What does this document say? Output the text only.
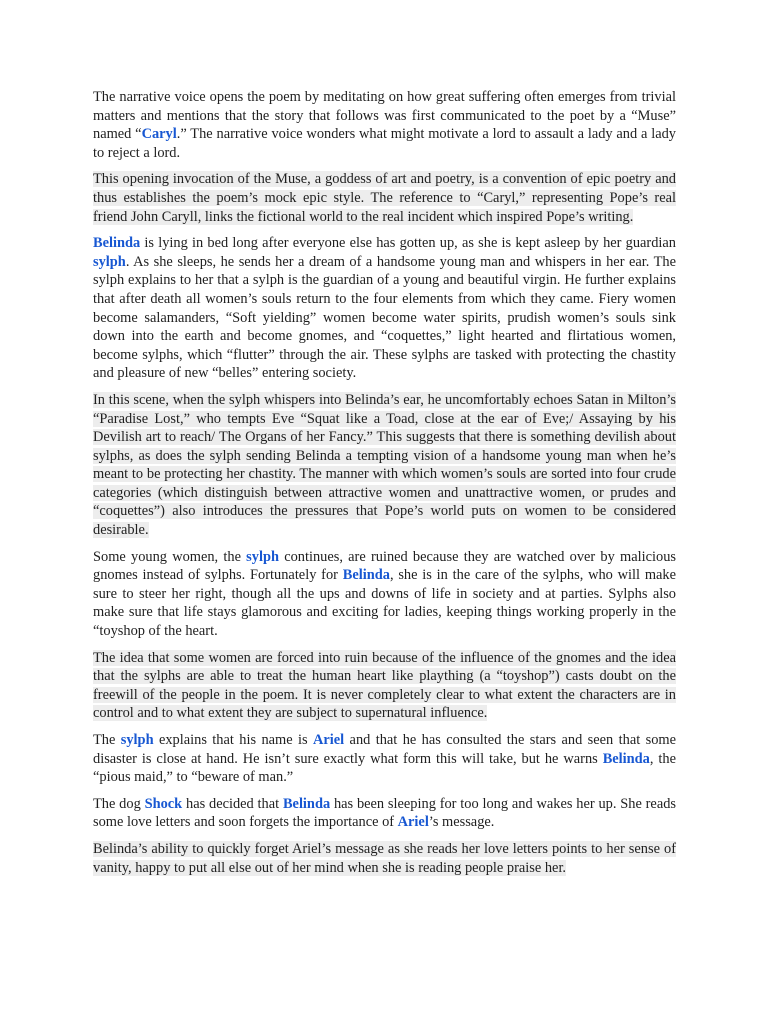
The narrative voice opens the poem by meditating on how great suffering often emerges from trivial matters and mentions that the story that follows was first communicated to the poet by a “Muse” named “Caryl.” The narrative voice wonders what might motivate a lord to assault a lady and a lady to reject a lord.

This opening invocation of the Muse, a goddess of art and poetry, is a convention of epic poetry and thus establishes the poem’s mock epic style. The reference to “Caryl,” representing Pope’s real friend John Caryll, links the fictional world to the real incident which inspired Pope’s writing.

Belinda is lying in bed long after everyone else has gotten up, as she is kept asleep by her guardian sylph. As she sleeps, he sends her a dream of a handsome young man and whispers in her ear. The sylph explains to her that a sylph is the guardian of a young and beautiful virgin. He further explains that after death all women’s souls return to the four elements from which they came. Fiery women become salamanders, “Soft yielding” women become water spirits, prudish women’s souls sink down into the earth and become gnomes, and “coquettes,” light hearted and flirtatious women, become sylphs, which “flutter” through the air. These sylphs are tasked with protecting the chastity and pleasure of new “belles” entering society.

In this scene, when the sylph whispers into Belinda’s ear, he uncomfortably echoes Satan in Milton’s “Paradise Lost,” who tempts Eve “Squat like a Toad, close at the ear of Eve;/ Assaying by his Devilish art to reach/ The Organs of her Fancy.” This suggests that there is something devilish about sylphs, as does the sylph sending Belinda a tempting vision of a handsome young man when he’s meant to be protecting her chastity. The manner with which women’s souls are sorted into four crude categories (which distinguish between attractive women and unattractive women, or prudes and “coquettes”) also introduces the pressures that Pope’s world puts on women to be considered desirable.

Some young women, the sylph continues, are ruined because they are watched over by malicious gnomes instead of sylphs. Fortunately for Belinda, she is in the care of the sylphs, who will make sure to steer her right, though all the ups and downs of life in society and at parties. Sylphs also make sure that life stays glamorous and exciting for ladies, keeping things working properly in the “toyshop of the heart.

The idea that some women are forced into ruin because of the influence of the gnomes and the idea that the sylphs are able to treat the human heart like plaything (a “toyshop”) casts doubt on the freewill of the people in the poem. It is never completely clear to what extent the characters are in control and to what extent they are subject to supernatural influence.

The sylph explains that his name is Ariel and that he has consulted the stars and seen that some disaster is close at hand. He isn’t sure exactly what form this will take, but he warns Belinda, the “pious maid,” to “beware of man.”

The dog Shock has decided that Belinda has been sleeping for too long and wakes her up. She reads some love letters and soon forgets the importance of Ariel’s message.

Belinda’s ability to quickly forget Ariel’s message as she reads her love letters points to her sense of vanity, happy to put all else out of her mind when she is reading people praise her.
